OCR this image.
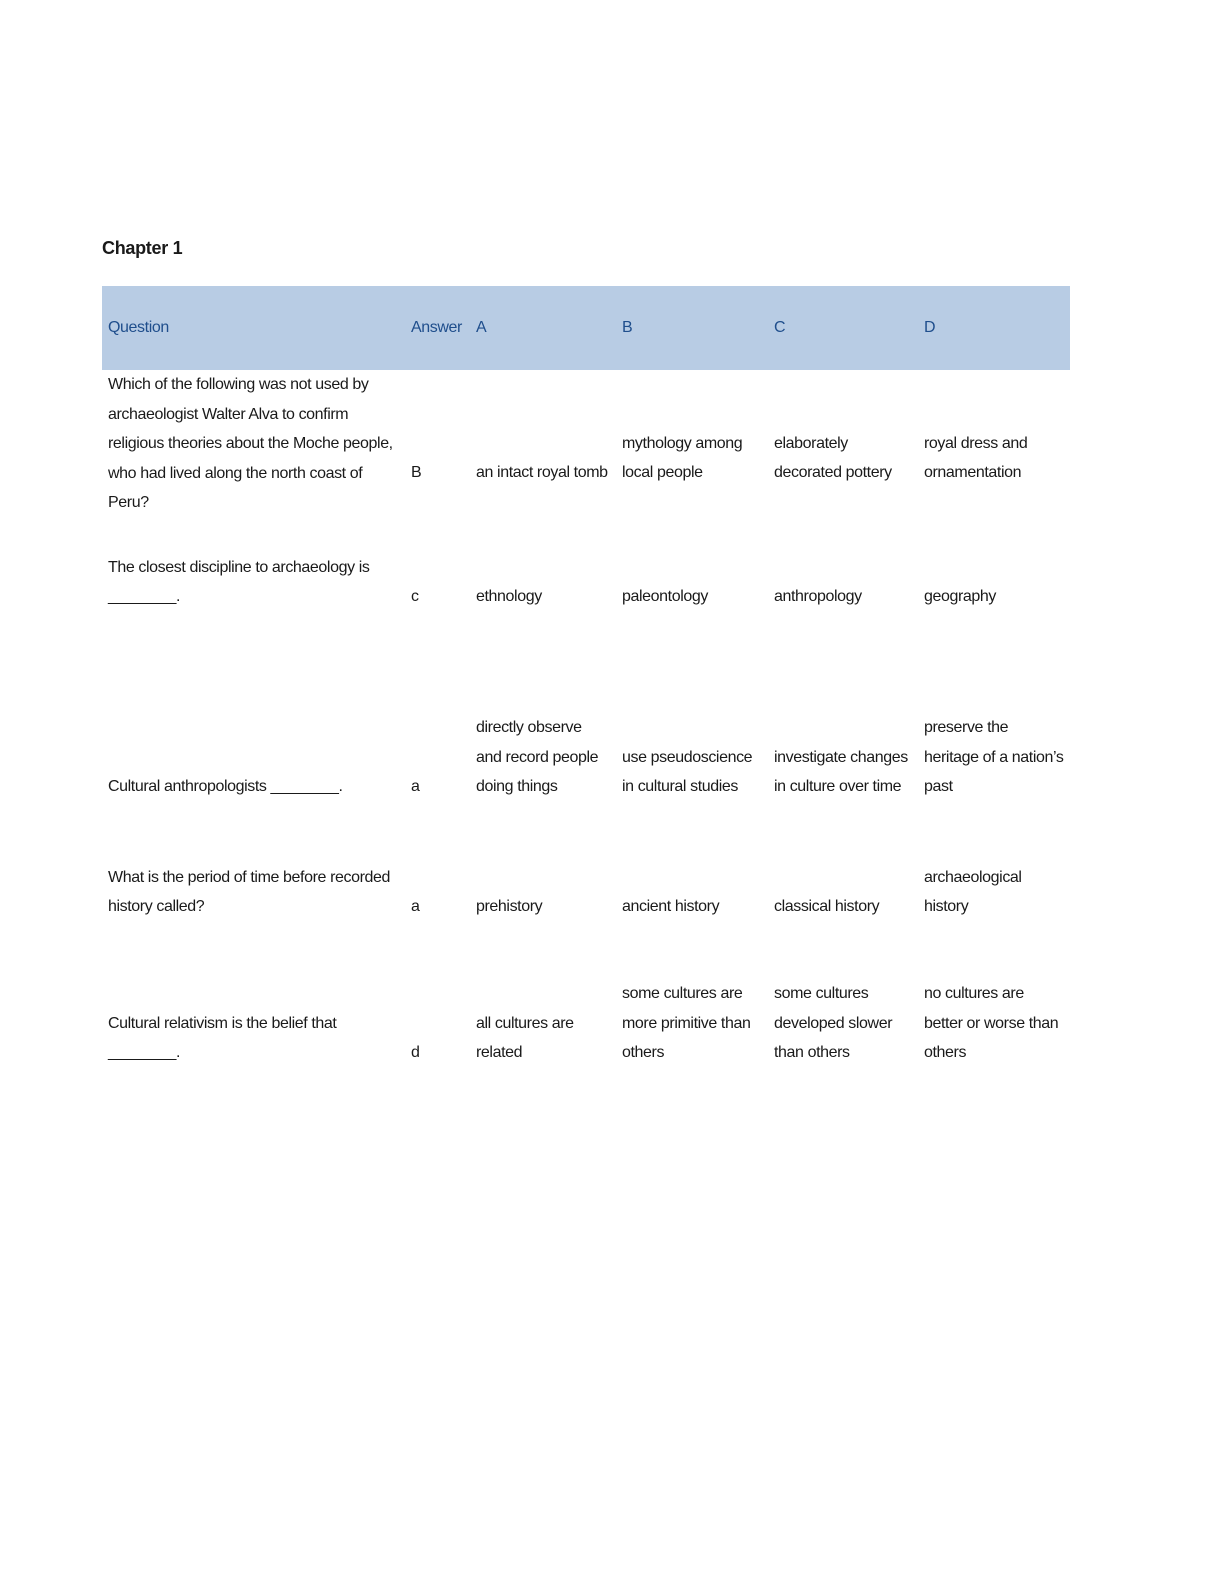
Chapter 1
Question	Answer	A	B	C	D
Which of the following was not used by archaeologist Walter Alva to confirm religious theories about the Moche people, who had lived along the north coast of Peru?	B	an intact royal tomb	mythology among local people	elaborately decorated pottery	royal dress and ornamentation
The closest discipline to archaeology is ________.	c	ethnology	paleontology	anthropology	geography
Cultural anthropologists ________.	a	directly observe and record people doing things	use pseudoscience in cultural studies	investigate changes in culture over time	preserve the heritage of a nation’s past
What is the period of time before recorded history called?	a	prehistory	ancient history	classical history	archaeological history
Cultural relativism is the belief that ________.	d	all cultures are related	some cultures are more primitive than others	some cultures developed slower than others	no cultures are better or worse than others
